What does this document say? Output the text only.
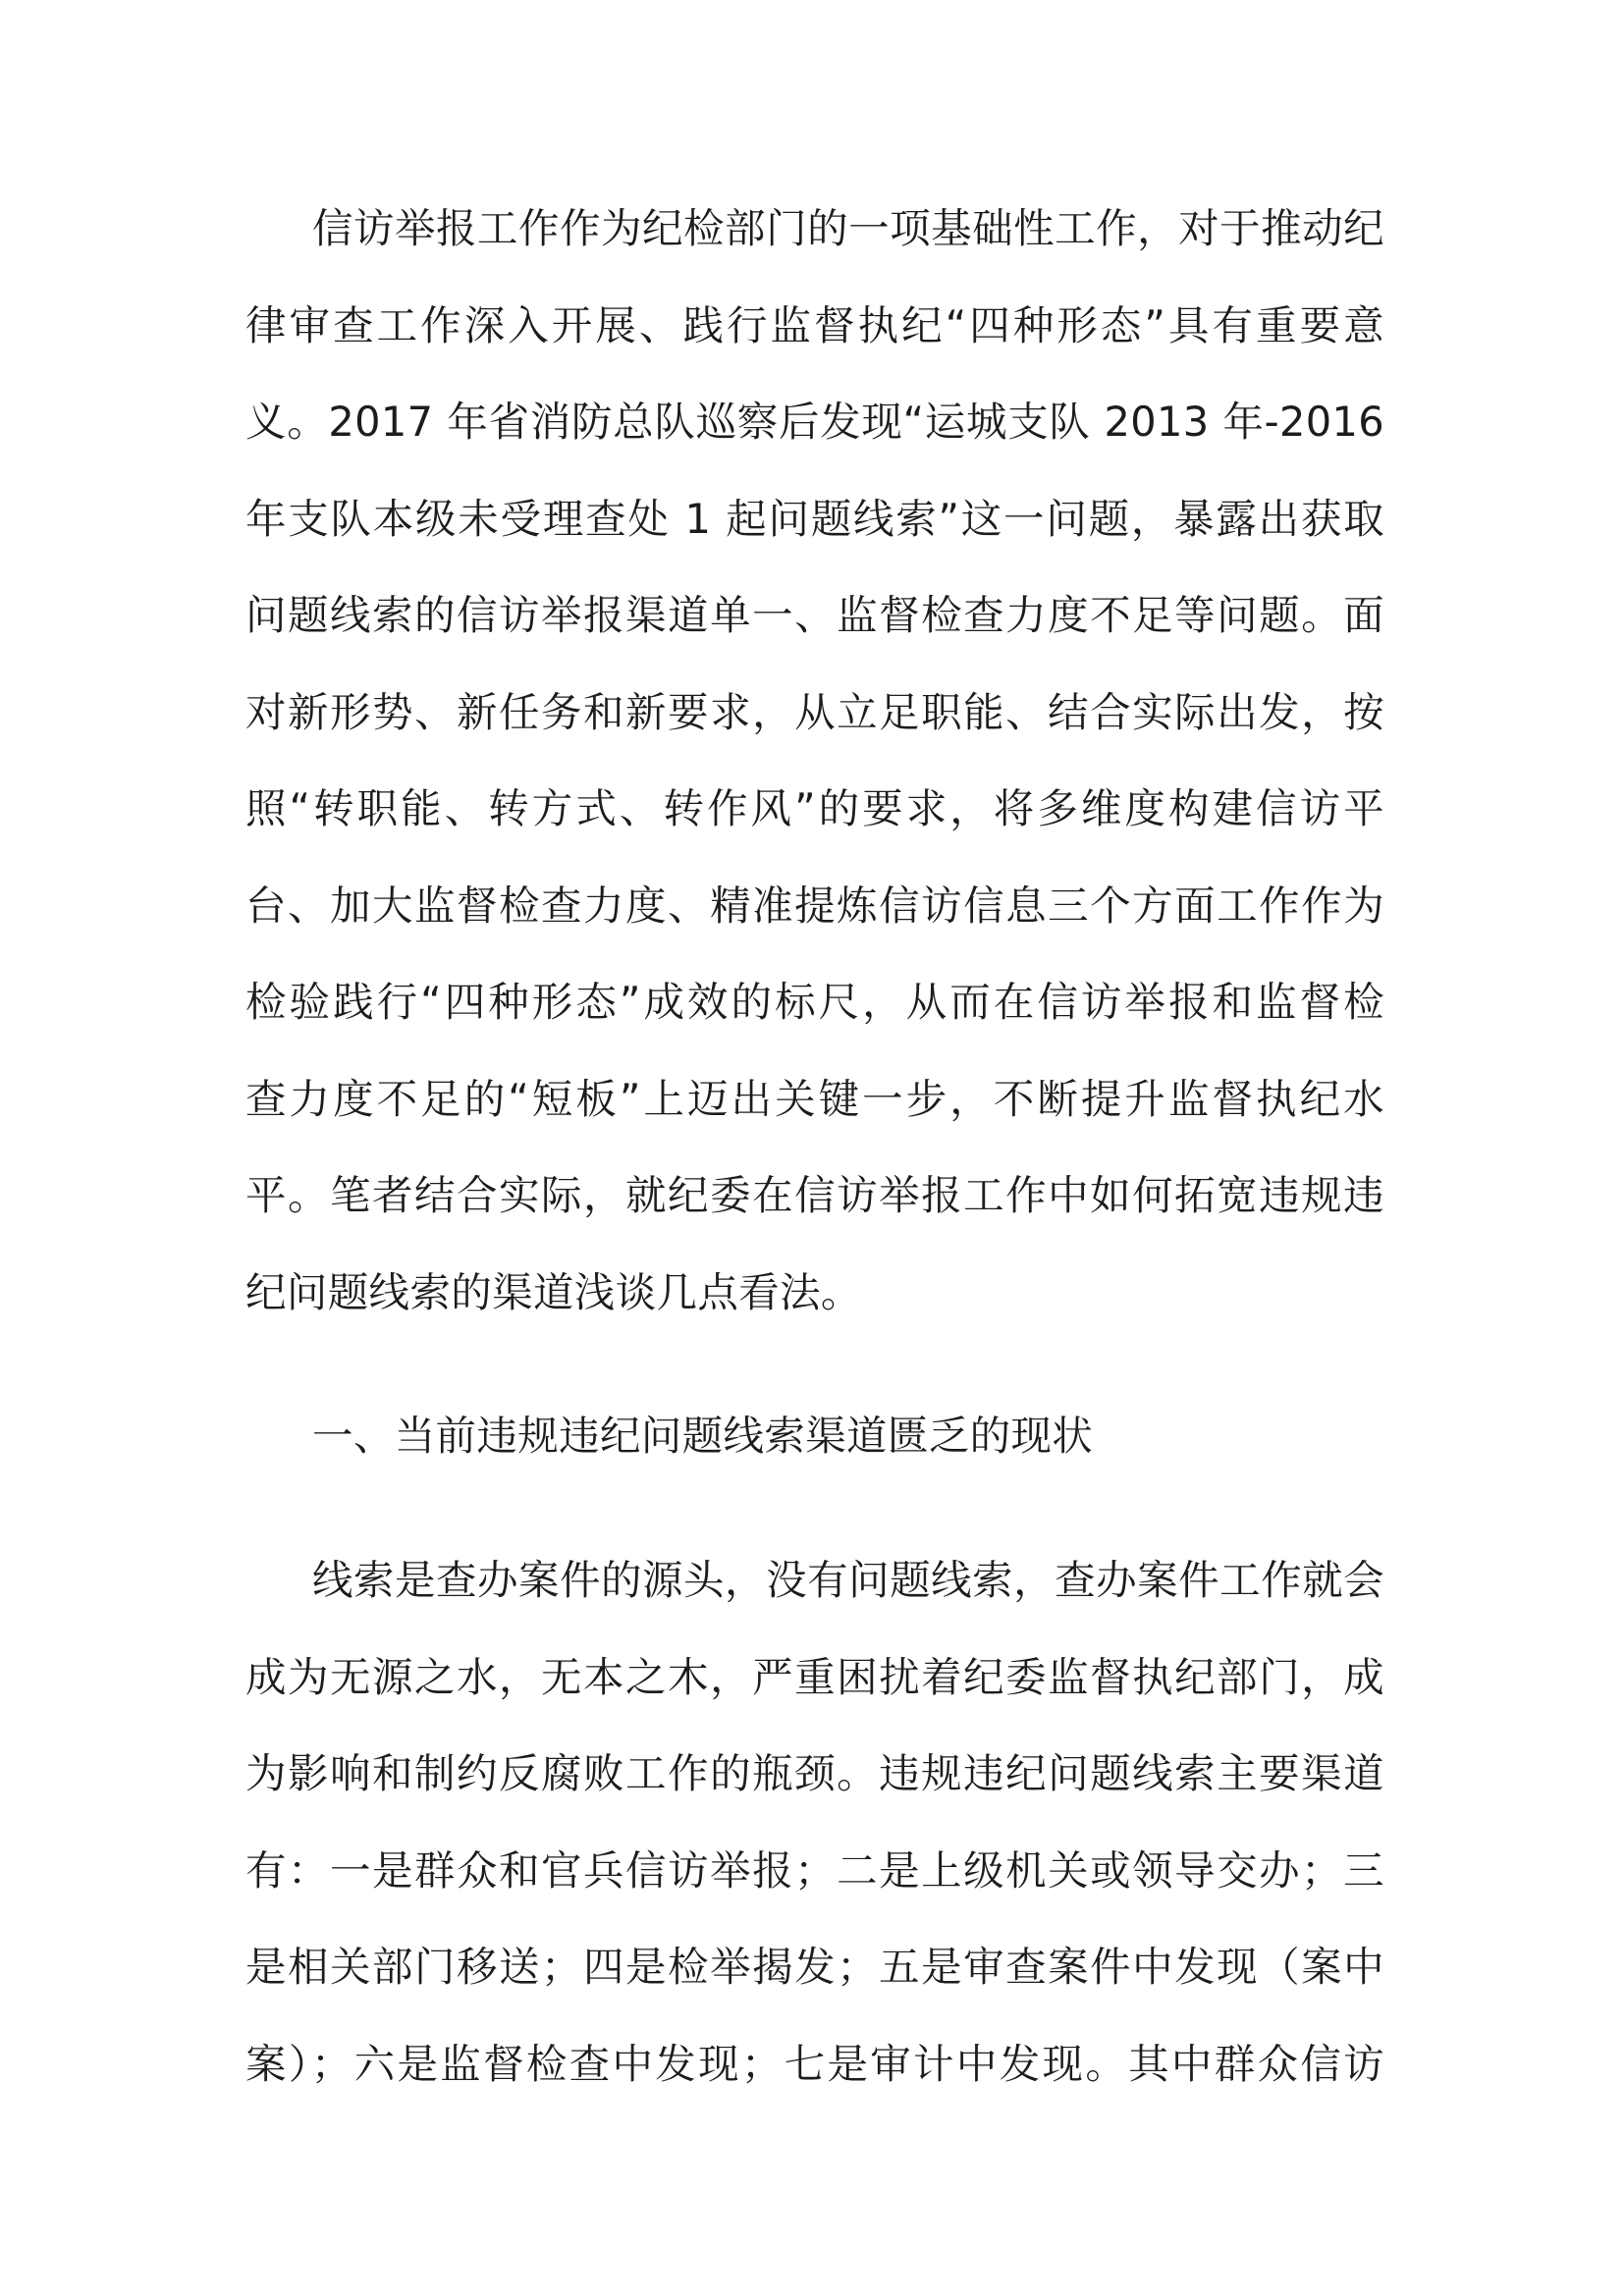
信访举报工作作为纪检部门的一项基础性工作，对于推动纪
律审查工作深入开展、践行监督执纪“四种形态”具有重要意
义。2017 年省消防总队巡察后发现“运城支队 2013 年-2016
年支队本级未受理查处 1 起问题线索”这一问题，暴露出获取
问题线索的信访举报渠道单一、监督检查力度不足等问题。面
对新形势、新任务和新要求，从立足职能、结合实际出发，按
照“转职能、转方式、转作风”的要求，将多维度构建信访平
台、加大监督检查力度、精准提炼信访信息三个方面工作作为
检验践行“四种形态”成效的标尺，从而在信访举报和监督检
查力度不足的“短板”上迈出关键一步，不断提升监督执纪水
平。笔者结合实际，就纪委在信访举报工作中如何拓宽违规违
纪问题线索的渠道浅谈几点看法。
一、当前违规违纪问题线索渠道匮乏的现状
线索是查办案件的源头，没有问题线索，查办案件工作就会
成为无源之水，无本之木，严重困扰着纪委监督执纪部门，成
为影响和制约反腐败工作的瓶颈。违规违纪问题线索主要渠道
有：一是群众和官兵信访举报；二是上级机关或领导交办；三
是相关部门移送；四是检举揭发；五是审查案件中发现（案中
案）；六是监督检查中发现；七是审计中发现。其中群众信访
